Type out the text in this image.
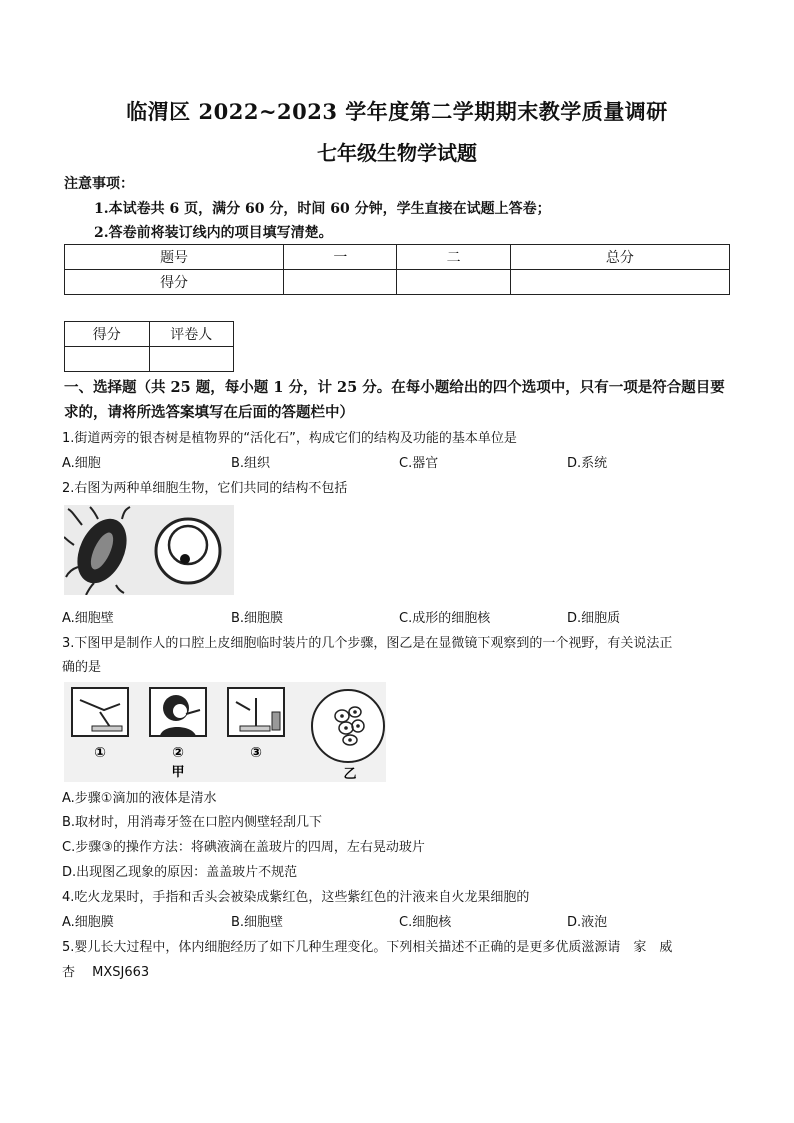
临渭区 2022~2023 学年度第二学期期末教学质量调研
七年级生物学试题
注意事项：
1.本试卷共 6 页，满分 60 分，时间 60 分钟，学生直接在试题上答卷；
2.答卷前将装订线内的项目填写清楚。
题号	一	二	总分
得分			
得分	评卷人

一、选择题（共 25 题，每小题 1 分，计 25 分。在每小题给出的四个选项中，只有一项是符合题目要求的，请将所选答案填写在后面的答题栏中）
1.街道两旁的银杏树是植物界的“活化石”，构成它们的结构及功能的基本单位是
A.细胞	B.组织	C.器官	D.系统
2.右图为两种单细胞生物，它们共同的结构不包括
A.细胞壁	B.细胞膜	C.成形的细胞核	D.细胞质
3.下图甲是制作人的口腔上皮细胞临时装片的几个步骤，图乙是在显微镜下观察到的一个视野，有关说法正
确的是
①	②
甲
③
乙
A.步骤①滴加的液体是清水
B.取材时，用消毒牙签在口腔内侧壁轻刮几下
C.步骤③的操作方法：将碘液滴在盖玻片的四周，左右晃动玻片
D.出现图乙现象的原因：盖盖玻片不规范
4.吃火龙果时，手指和舌头会被染成紫红色，这些紫红色的汁液来自火龙果细胞的
A.细胞膜	B.细胞壁	C.细胞核	D.液泡
5.婴儿长大过程中，体内细胞经历了如下几种生理变化。下列相关描述不正确的是更多优质滋源请　家　威
杏　 MXSJ663
